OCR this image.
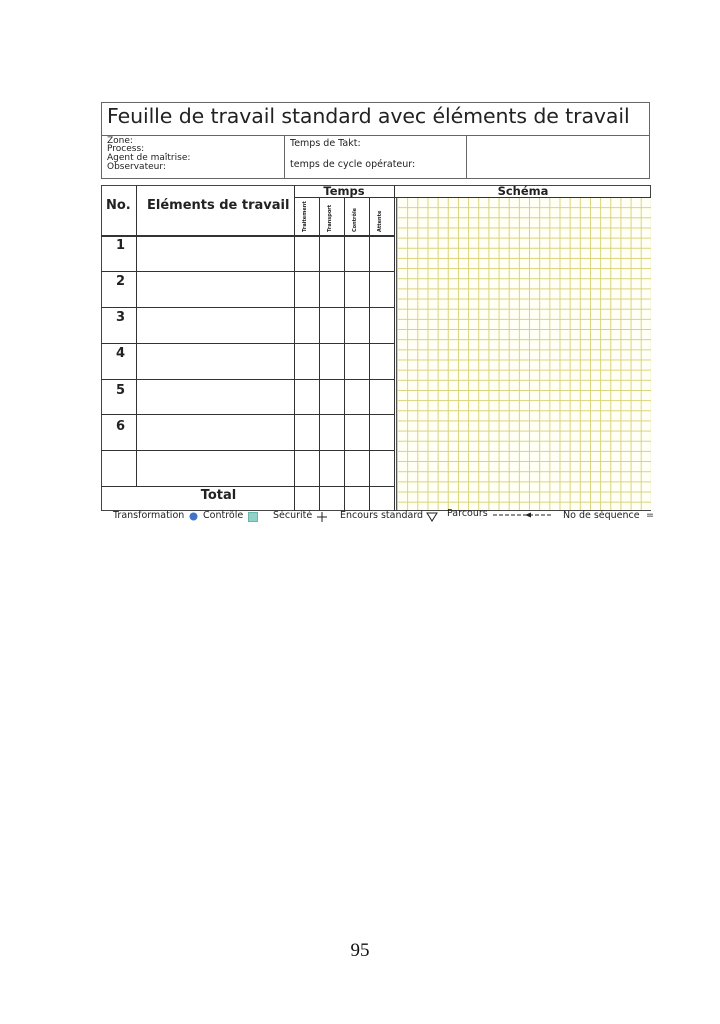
Feuille de travail standard avec éléments de travail
Zone:
Process:
Agent de maîtrise:
Observateur:
Temps de Takt:
temps de cycle opérateur:
No. Eléments de travail
Temps	Schéma
Traitement	Transport	Contrôle	Attente
1
2
3
4
5
6
Total
Transformation Contrôle	Sécurité	Encours standard	Parcours	No de séquence =
95
